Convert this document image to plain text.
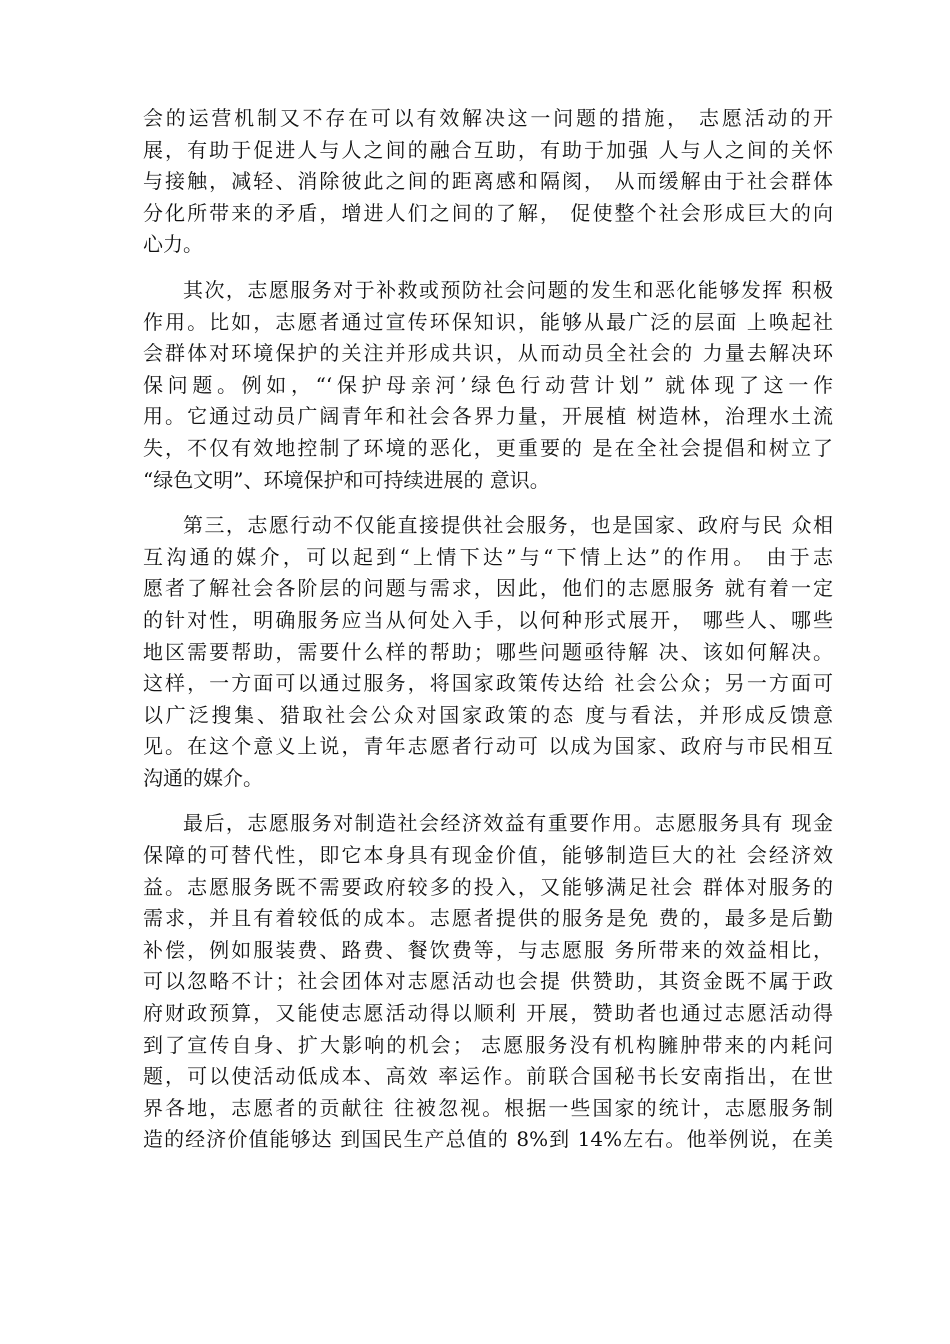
会的运营机制又不存在可以有效解决这一问题的措施， 志愿活动的开
展，有助于促进人与人之间的融合互助，有助于加强 人与人之间的关怀
与接触，减轻、消除彼此之间的距离感和隔阂， 从而缓解由于社会群体
分化所带来的矛盾，增进人们之间的了解， 促使整个社会形成巨大的向
心力。
其次，志愿服务对于补救或预防社会问题的发生和恶化能够发挥 积极
作用。比如，志愿者通过宣传环保知识，能够从最广泛的层面 上唤起社
会群体对环境保护的关注并形成共识，从而动员全社会的 力量去解决环
保问题。例如，“‘保护母亲河’绿色行动营计划” 就体现了这一作
用。它通过动员广阔青年和社会各界力量，开展植 树造林，治理水土流
失，不仅有效地控制了环境的恶化，更重要的 是在全社会提倡和树立了
“绿色文明”、环境保护和可持续进展的 意识。
第三，志愿行动不仅能直接提供社会服务，也是国家、政府与民 众相
互沟通的媒介，可以起到“上情下达”与“下情上达”的作用。 由于志
愿者了解社会各阶层的问题与需求，因此，他们的志愿服务 就有着一定
的针对性，明确服务应当从何处入手，以何种形式展开， 哪些人、哪些
地区需要帮助，需要什么样的帮助；哪些问题亟待解 决、该如何解决。
这样，一方面可以通过服务，将国家政策传达给 社会公众；另一方面可
以广泛搜集、猎取社会公众对国家政策的态 度与看法，并形成反馈意
见。在这个意义上说，青年志愿者行动可 以成为国家、政府与市民相互
沟通的媒介。
最后，志愿服务对制造社会经济效益有重要作用。志愿服务具有 现金
保障的可替代性，即它本身具有现金价值，能够制造巨大的社 会经济效
益。志愿服务既不需要政府较多的投入，又能够满足社会 群体对服务的
需求，并且有着较低的成本。志愿者提供的服务是免 费的，最多是后勤
补偿，例如服装费、路费、餐饮费等，与志愿服 务所带来的效益相比，
可以忽略不计；社会团体对志愿活动也会提 供赞助，其资金既不属于政
府财政预算，又能使志愿活动得以顺利 开展，赞助者也通过志愿活动得
到了宣传自身、扩大影响的机会； 志愿服务没有机构臃肿带来的内耗问
题，可以使活动低成本、高效 率运作。前联合国秘书长安南指出，在世
界各地，志愿者的贡献往 往被忽视。根据一些国家的统计，志愿服务制
造的经济价值能够达 到国民生产总值的 8%到 14%左右。他举例说，在美
